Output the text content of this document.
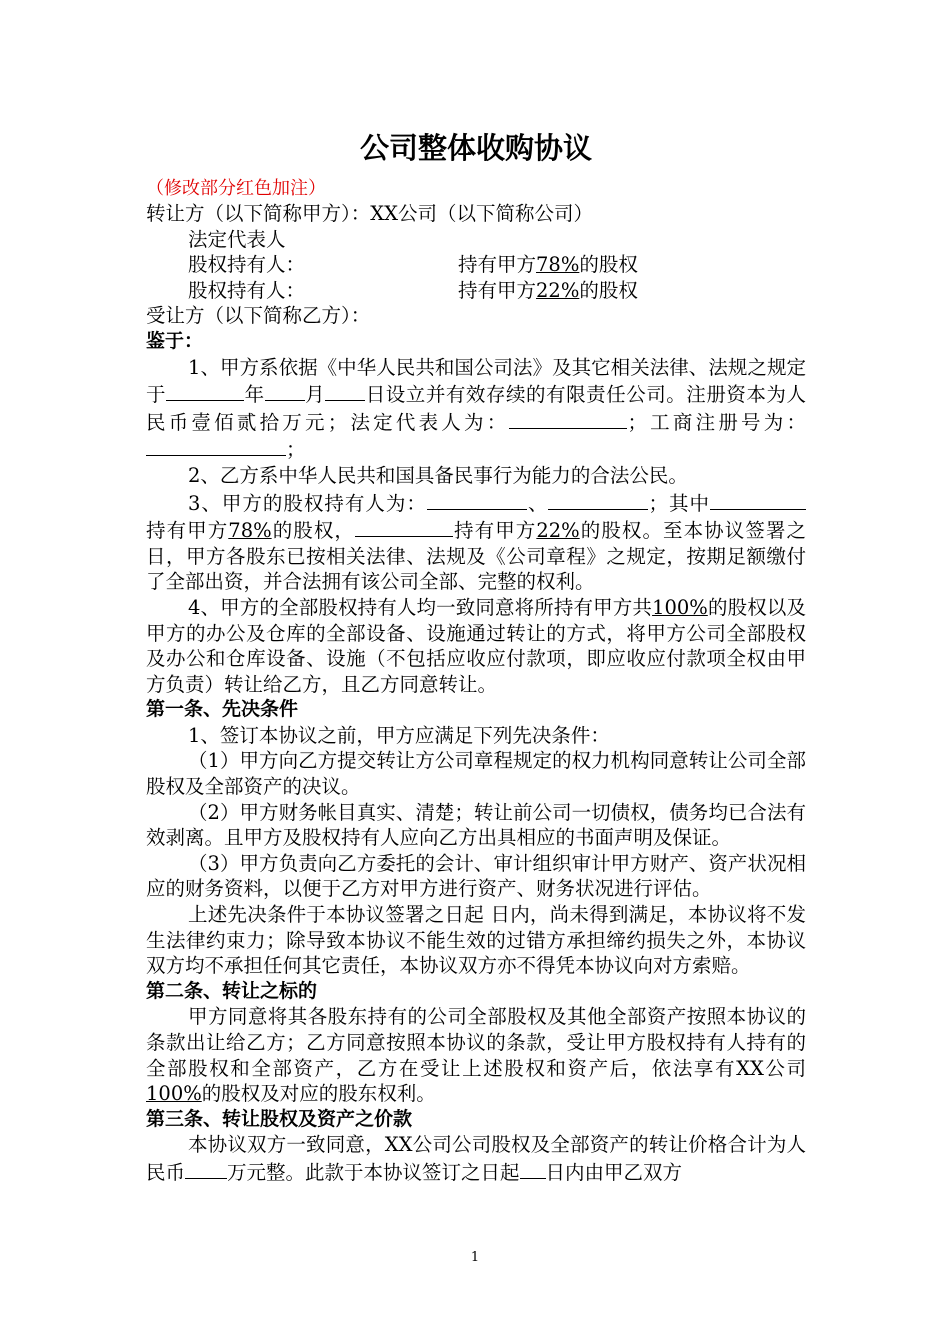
公司整体收购协议
（修改部分红色加注）

转让方（以下简称甲方）：XX公司（以下简称公司）

法定代表人

股权持有人：	持有甲方78%的股权
股权持有人：	持有甲方22%的股权

受让方（以下简称乙方）：

鉴于：

1、甲方系依据《中华人民共和国公司法》及其它相关法律、法规之规定于	年 月 日设立并有效存续的有限责任公司。注册资本为人民币壹佰贰拾万元；法定代表人为：	；工商注册号为：；

2、乙方系中华人民共和国具备民事行为能力的合法公民。

3、甲方的股权持有人为：	、	；其中持有甲方78%的股权，	持有甲方22%的股权。至本协议签署之日，甲方各股东已按相关法律、法规及《公司章程》之规定，按期足额缴付了全部出资，并合法拥有该公司全部、完整的权利。

4、甲方的全部股权持有人均一致同意将所持有甲方共100%的股权以及甲方的办公及仓库的全部设备、设施通过转让的方式，将甲方公司全部股权及办公和仓库设备、设施（不包括应收应付款项，即应收应付款项全权由甲方负责）转让给乙方，且乙方同意转让。

第一条、先决条件

1、签订本协议之前，甲方应满足下列先决条件：

（1）甲方向乙方提交转让方公司章程规定的权力机构同意转让公司全部股权及全部资产的决议。

（2）甲方财务帐目真实、清楚；转让前公司一切债权，债务均已合法有效剥离。且甲方及股权持有人应向乙方出具相应的书面声明及保证。

（3）甲方负责向乙方委托的会计、审计组织审计甲方财产、资产状况相应的财务资料，以便于乙方对甲方进行资产、财务状况进行评估。

上述先决条件于本协议签署之日起 日内，尚未得到满足，本协议将不发生法律约束力；除导致本协议不能生效的过错方承担缔约损失之外，本协议双方均不承担任何其它责任，本协议双方亦不得凭本协议向对方索赔。

第二条、转让之标的

甲方同意将其各股东持有的公司全部股权及其他全部资产按照本协议的条款出让给乙方；乙方同意按照本协议的条款，受让甲方股权持有人持有的全部股权和全部资产，乙方在受让上述股权和资产后，依法享有XX公司100%的股权及对应的股东权利。

第三条、转让股权及资产之价款

本协议双方一致同意，XX公司公司股权及全部资产的转让价格合计为人民币 万元整。此款于本协议签订之日起 日内由甲乙双方

1
